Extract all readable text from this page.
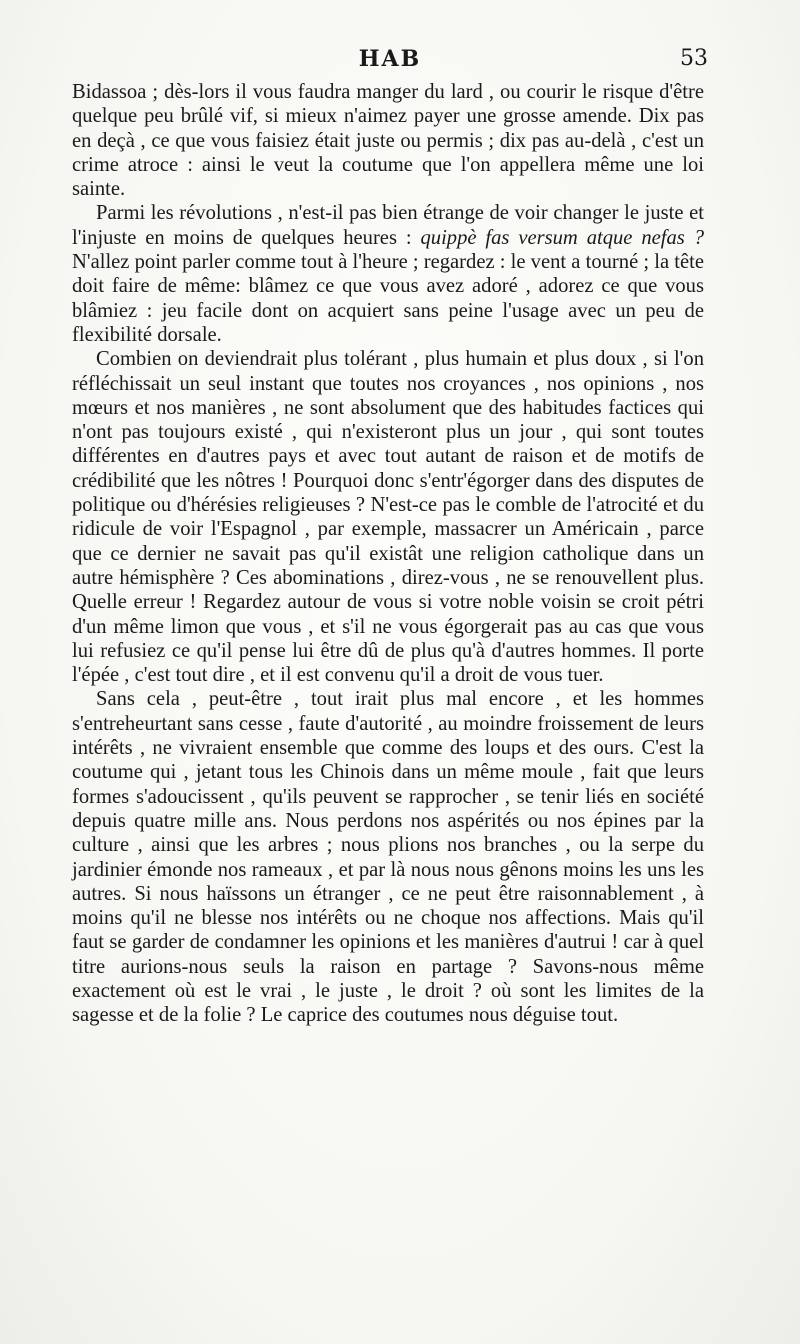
HAB	53

Bidassoa ; dès-lors il vous faudra manger du lard , ou courir le risque d'être quelque peu brûlé vif, si mieux n'aimez payer une grosse amende. Dix pas en deçà , ce que vous faisiez était juste ou permis ; dix pas au-delà , c'est un crime atroce : ainsi le veut la coutume que l'on appellera même une loi sainte.

Parmi les révolutions , n'est-il pas bien étrange de voir changer le juste et l'injuste en moins de quelques heures : quippè fas versum atque nefas ? N'allez point parler comme tout à l'heure ; regardez : le vent a tourné ; la tête doit faire de même: blâmez ce que vous avez adoré , adorez ce que vous blâmiez : jeu facile dont on acquiert sans peine l'usage avec un peu de flexibilité dorsale.

Combien on deviendrait plus tolérant , plus humain et plus doux , si l'on réfléchissait un seul instant que toutes nos croyances , nos opinions , nos mœurs et nos manières , ne sont absolument que des habitudes factices qui n'ont pas toujours existé , qui n'existeront plus un jour , qui sont toutes différentes en d'autres pays et avec tout autant de raison et de motifs de crédibilité que les nôtres ! Pourquoi donc s'entr'égorger dans des disputes de politique ou d'hérésies religieuses ? N'est-ce pas le comble de l'atrocité et du ridicule de voir l'Espagnol , par exemple, massacrer un Américain , parce que ce dernier ne savait pas qu'il existât une religion catholique dans un autre hémisphère ? Ces abominations , direz-vous , ne se renouvellent plus. Quelle erreur ! Regardez autour de vous si votre noble voisin se croit pétri d'un même limon que vous , et s'il ne vous égorgerait pas au cas que vous lui refusiez ce qu'il pense lui être dû de plus qu'à d'autres hommes. Il porte l'épée , c'est tout dire , et il est convenu qu'il a droit de vous tuer.

Sans cela , peut-être , tout irait plus mal encore , et les hommes s'entreheurtant sans cesse , faute d'autorité , au moindre froissement de leurs intérêts , ne vivraient ensemble que comme des loups et des ours. C'est la coutume qui , jetant tous les Chinois dans un même moule , fait que leurs formes s'adoucissent , qu'ils peuvent se rapprocher , se tenir liés en société depuis quatre mille ans. Nous perdons nos aspérités ou nos épines par la culture , ainsi que les arbres ; nous plions nos branches , ou la serpe du jardinier émonde nos rameaux , et par là nous nous gênons moins les uns les autres. Si nous haïssons un étranger , ce ne peut être raisonnablement , à moins qu'il ne blesse nos intérêts ou ne choque nos affections. Mais qu'il faut se garder de condamner les opinions et les manières d'autrui ! car à quel titre aurions-nous seuls la raison en partage ? Savons-nous même exactement où est le vrai , le juste , le droit ? où sont les limites de la sagesse et de la folie ? Le caprice des coutumes nous déguise tout.
